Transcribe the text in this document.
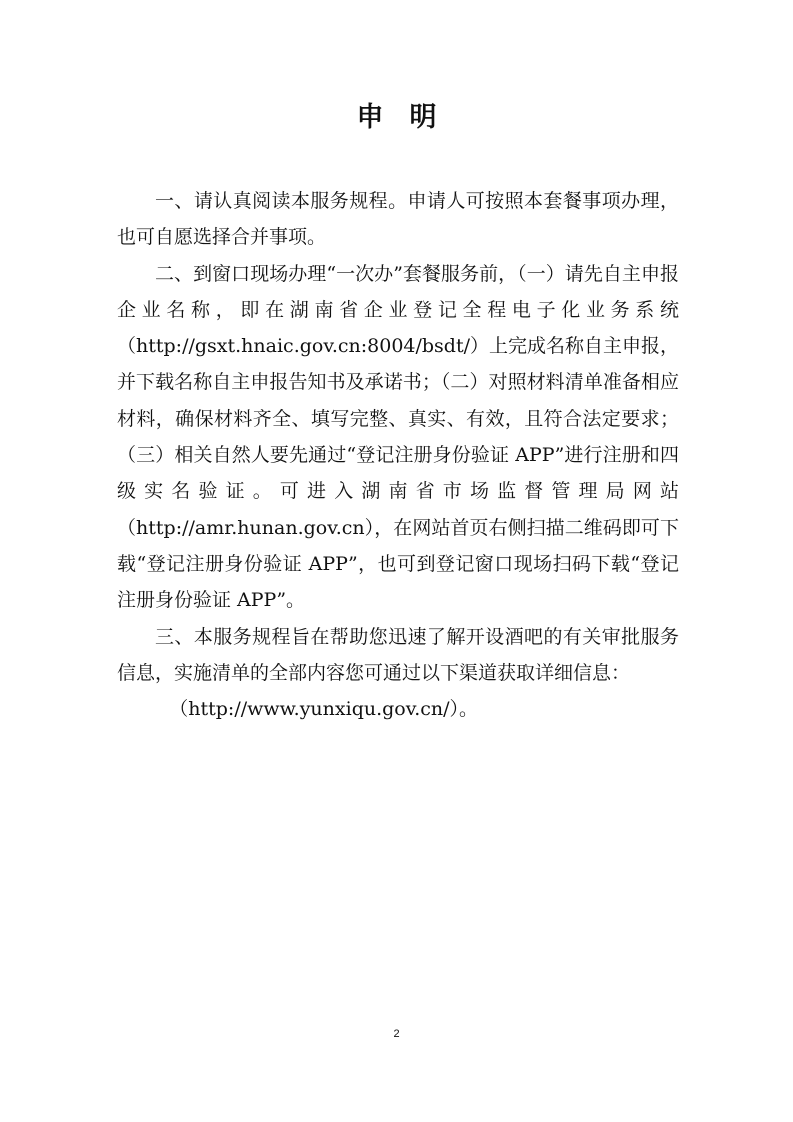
申明

一、请认真阅读本服务规程。申请人可按照本套餐事项办理，也可自愿选择合并事项。

二、到窗口现场办理“一次办”套餐服务前，（一）请先自主申报企业名称，即在湖南省企业登记全程电子化业务系统（http://gsxt.hnaic.gov.cn:8004/bsdt/）上完成名称自主申报，并下载名称自主申报告知书及承诺书；（二）对照材料清单准备相应材料，确保材料齐全、填写完整、真实、有效，且符合法定要求；（三）相关自然人要先通过“登记注册身份验证 APP”进行注册和四级实名验证。可进入湖南省市场监督管理局网站（http://amr.hunan.gov.cn），在网站首页右侧扫描二维码即可下载“登记注册身份验证 APP”，也可到登记窗口现场扫码下载“登记注册身份验证 APP”。

三、本服务规程旨在帮助您迅速了解开设酒吧的有关审批服务信息，实施清单的全部内容您可通过以下渠道获取详细信息：

（http://www.yunxiqu.gov.cn/）。

2
